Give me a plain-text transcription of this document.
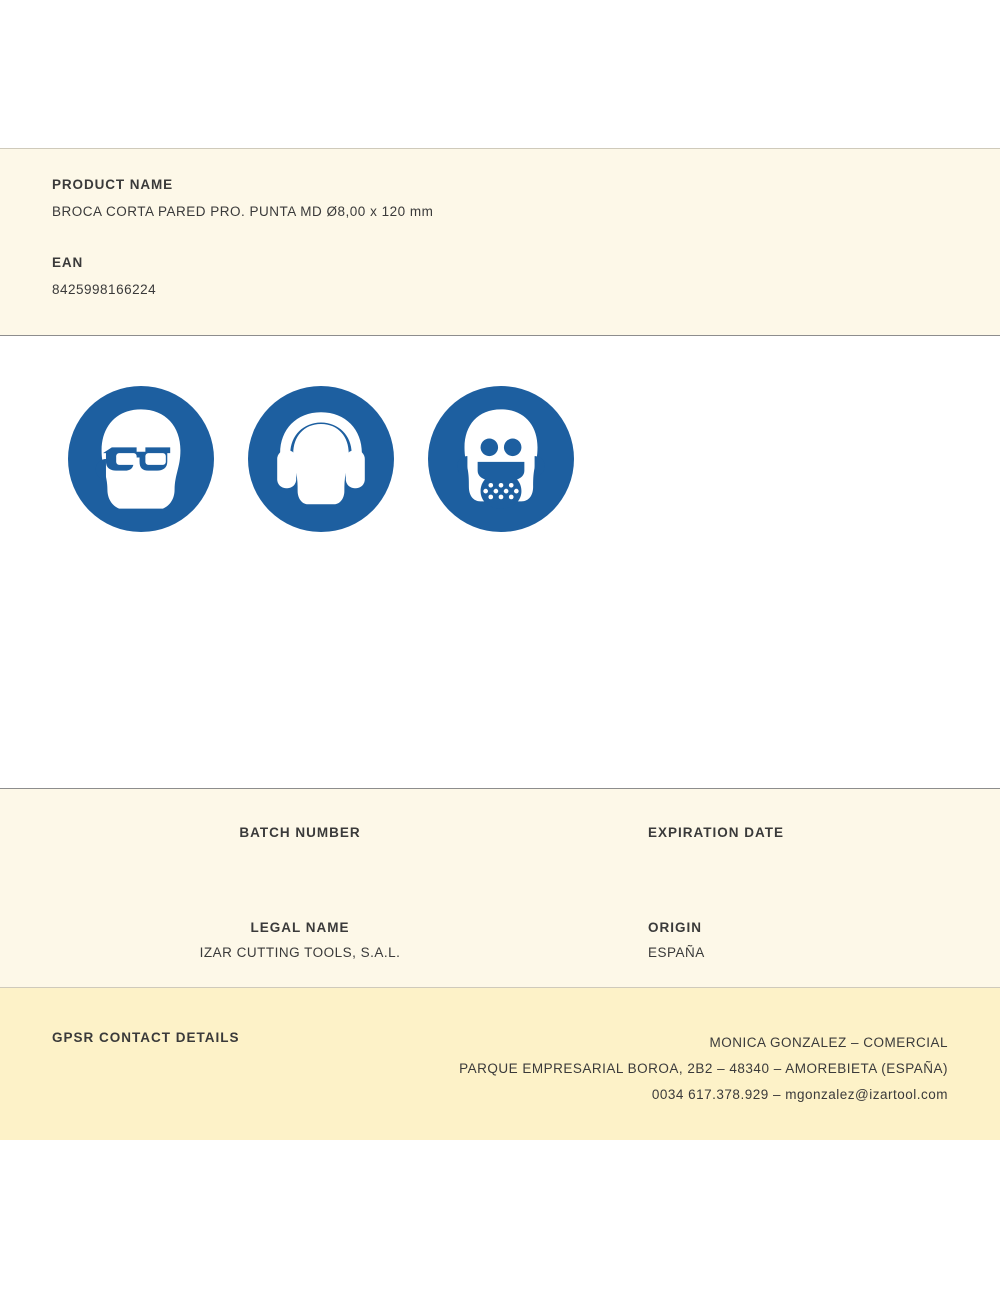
PRODUCT NAME

BROCA CORTA PARED PRO. PUNTA MD Ø8,00 x 120 mm

EAN

8425998166224

BATCH NUMBER	EXPIRATION DATE

LEGAL NAME

IZAR CUTTING TOOLS, S.A.L.

ORIGIN

ESPAÑA

GPSR CONTACT DETAILS	MONICA GONZALEZ – COMERCIAL
PARQUE EMPRESARIAL BOROA, 2B2 – 48340 – AMOREBIETA (ESPAÑA)
0034 617.378.929 – mgonzalez@izartool.com
